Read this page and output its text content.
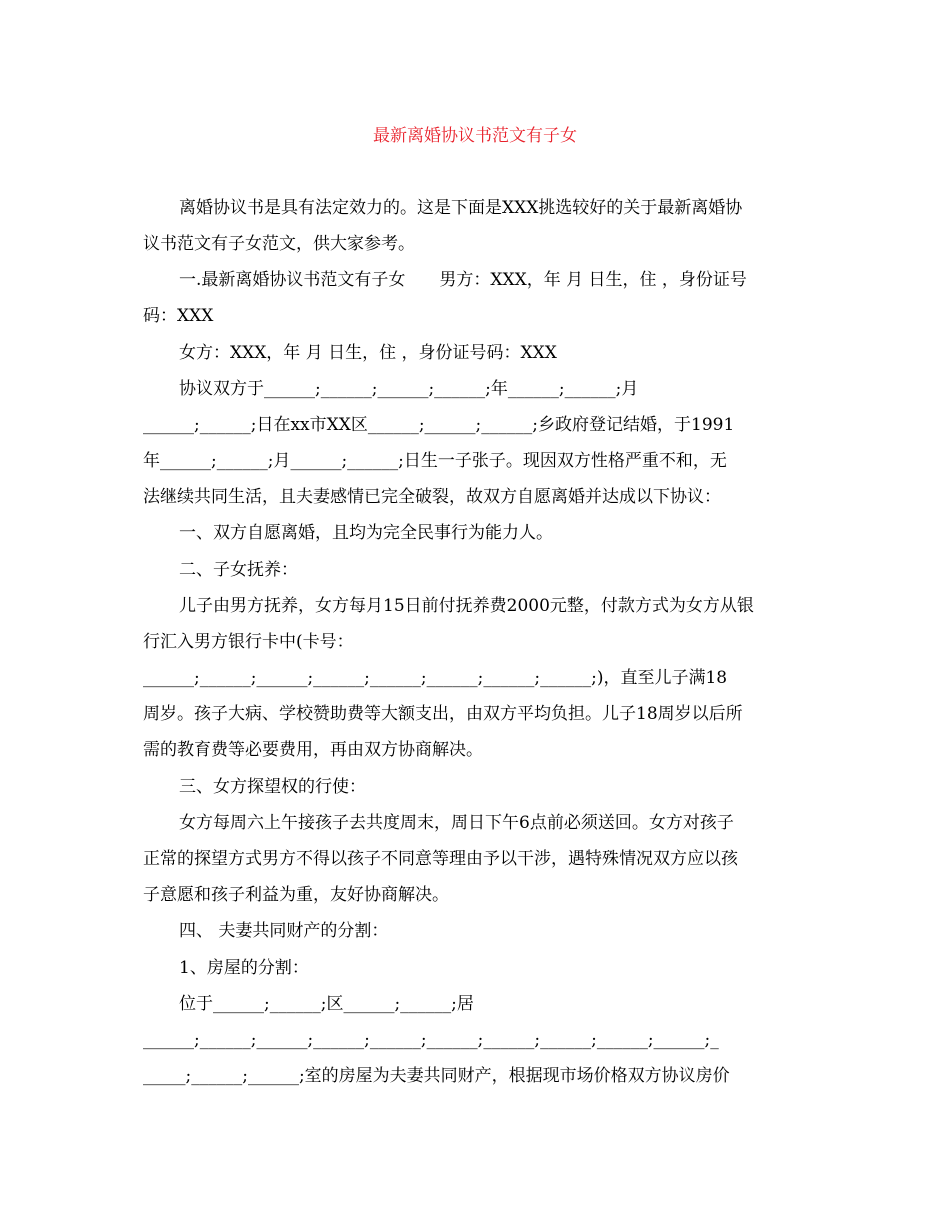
最新离婚协议书范文有子女

离婚协议书是具有法定效力的。这是下面是XXX挑选较好的关于最新离婚协

议书范文有子女范文，供大家参考。

一.最新离婚协议书范文有子女　　男方：XXX，年 月 日生，住 ，身份证号

码：XXX

女方：XXX，年 月 日生，住 ，身份证号码：XXX

协议双方于______;______;______;______;年______;______;月

______;______;日在xx市XX区______;______;______;乡政府登记结婚，于1991

年______;______;月______;______;日生一子张子。现因双方性格严重不和，无

法继续共同生活，且夫妻感情已完全破裂，故双方自愿离婚并达成以下协议：

一、双方自愿离婚，且均为完全民事行为能力人。

二、子女抚养：

儿子由男方抚养，女方每月15日前付抚养费2000元整，付款方式为女方从银

行汇入男方银行卡中(卡号：

______;______;______;______;______;______;______;______;)，直至儿子满18

周岁。孩子大病、学校赞助费等大额支出，由双方平均负担。儿子18周岁以后所

需的教育费等必要费用，再由双方协商解决。

三、女方探望权的行使：

女方每周六上午接孩子去共度周末，周日下午6点前必须送回。女方对孩子

正常的探望方式男方不得以孩子不同意等理由予以干涉，遇特殊情况双方应以孩

子意愿和孩子利益为重，友好协商解决。

四、 夫妻共同财产的分割：

1、房屋的分割：

位于______;______;区______;______;居

______;______;______;______;______;______;______;______;______;______;_

_____;______;______;室的房屋为夫妻共同财产，根据现市场价格双方协议房价
